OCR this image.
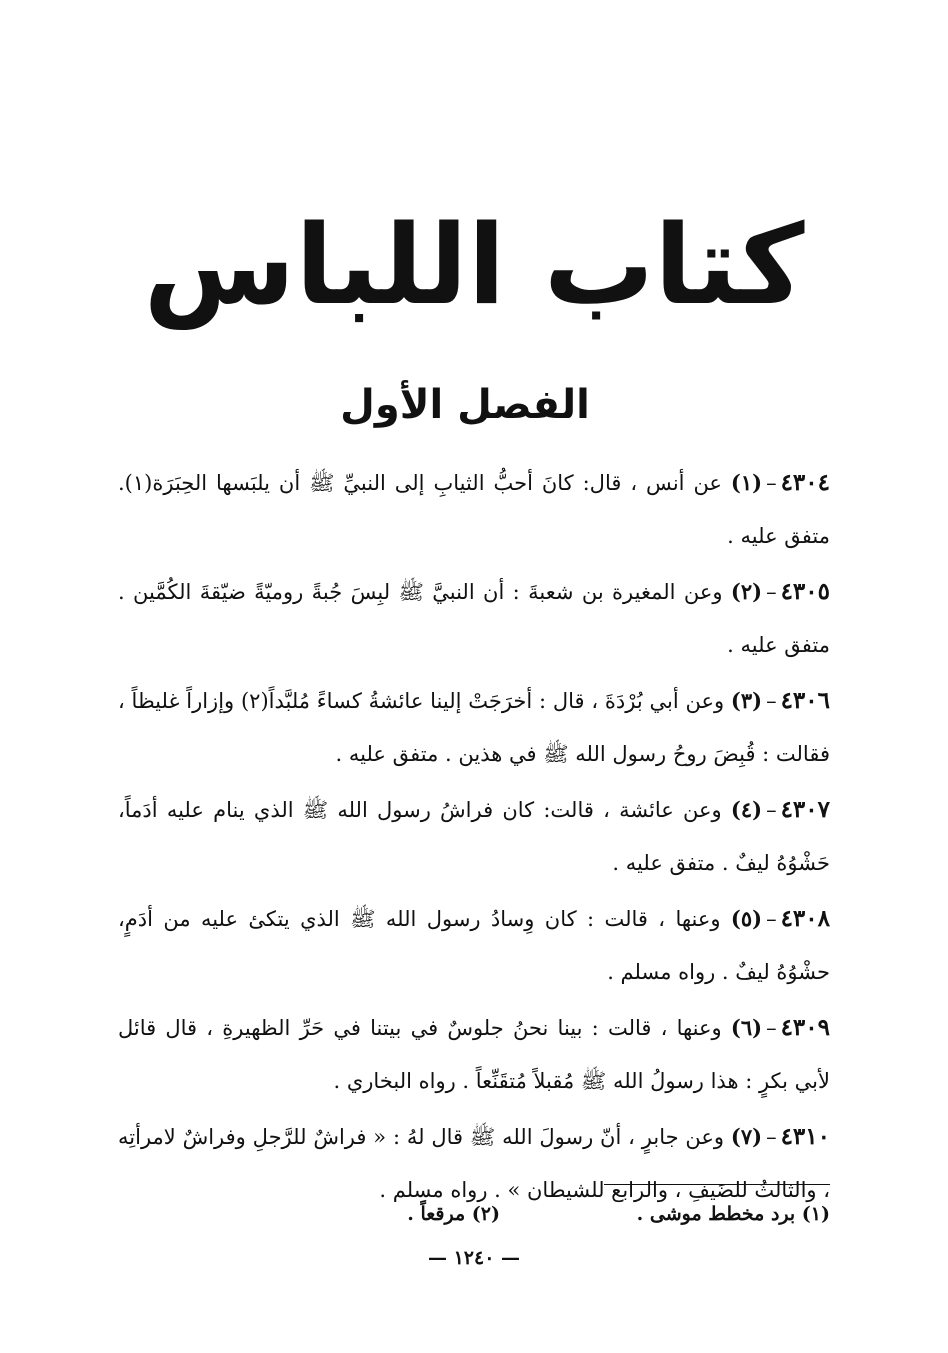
كتاب اللباس
الفصل الأول

٤٣٠٤–(١) عن أنس ، قال: كانَ أحبُّ الثيابِ إلى النبيِّ ﷺ أن يلبَسها الحِبَرَة(١). متفق عليه .

٤٣٠٥–(٢) وعن المغيرة بن شعبةَ : أن النبيَّ ﷺ لبِسَ جُبةً روميّةً ضيّقةَ الكُمَّين . متفق عليه .

٤٣٠٦–(٣) وعن أبي بُرْدَةَ ، قال : أخرَجَتْ إلينا عائشةُ كساءً مُلبَّداً(٢) وإزاراً غليظاً ، فقالت : قُبِضَ روحُ رسول الله ﷺ في هذين . متفق عليه .

٤٣٠٧–(٤) وعن عائشة ، قالت: كان فراشُ رسول الله ﷺ الذي ينام عليه أدَماً، حَشْوُهُ ليفٌ . متفق عليه .

٤٣٠٨–(٥) وعنها ، قالت : كان وِسادُ رسول الله ﷺ الذي يتكئ عليه من أدَمٍ، حشْوُهُ ليفٌ . رواه مسلم .

٤٣٠٩–(٦) وعنها ، قالت : بينا نحنُ جلوسٌ في بيتنا في حَرِّ الظهيرةِ ، قال قائل لأبي بكرٍ : هذا رسولُ الله ﷺ مُقبلاً مُتقَنِّعاً . رواه البخاري .

٤٣١٠–(٧) وعن جابرٍ ، أنّ رسولَ الله ﷺ قال لهُ : « فراشٌ للرَّجلِ وفراشٌ لامرأتِه ، والثالثُ للضَيفِ ، والرابع للشيطان » . رواه مسلم .

(١) برد مخطط موشى .
(٢) مرقعاً .
— ١٢٤٠ —
